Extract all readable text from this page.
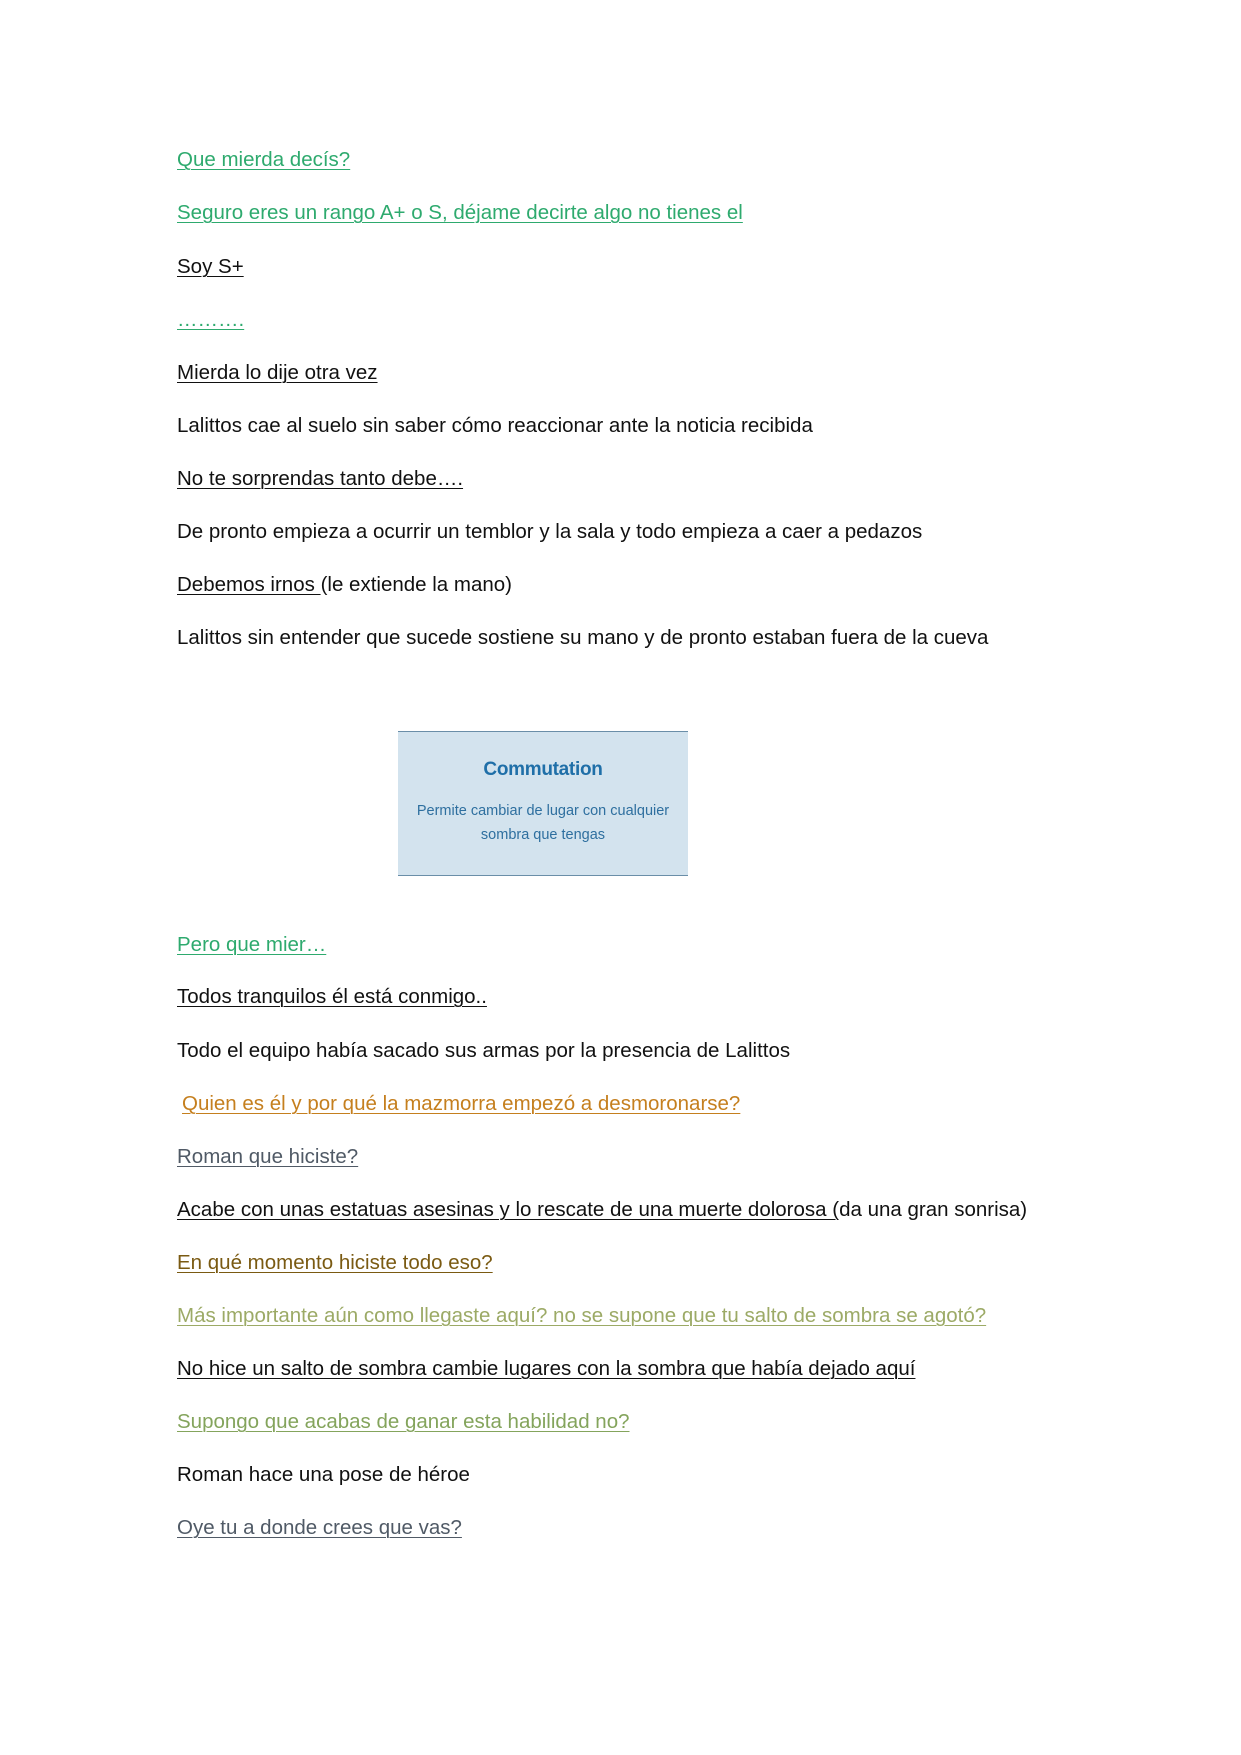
Que mierda decís?
Seguro eres un rango A+ o S, déjame decirte algo no tienes el
Soy S+
……….
Mierda lo dije otra vez
Lalittos cae al suelo sin saber cómo reaccionar ante la noticia recibida
No te sorprendas tanto debe….
De pronto empieza a ocurrir un temblor y la sala y todo empieza a caer a pedazos
Debemos irnos (le extiende la mano)
Lalittos sin entender que sucede sostiene su mano y de pronto estaban fuera de la cueva
Commutation
Permite cambiar de lugar con cualquier sombra que tengas
Pero que mier…
Todos tranquilos él está conmigo..
Todo el equipo había sacado sus armas por la presencia de Lalittos
Quien es él y por qué la mazmorra empezó a desmoronarse?
Roman que hiciste?
Acabe con unas estatuas asesinas y lo rescate de una muerte dolorosa (da una gran sonrisa)
En qué momento hiciste todo eso?
Más importante aún como llegaste aquí? no se supone que tu salto de sombra se agotó?
No hice un salto de sombra cambie lugares con la sombra que había dejado aquí
Supongo que acabas de ganar esta habilidad no?
Roman hace una pose de héroe
Oye tu a donde crees que vas?
